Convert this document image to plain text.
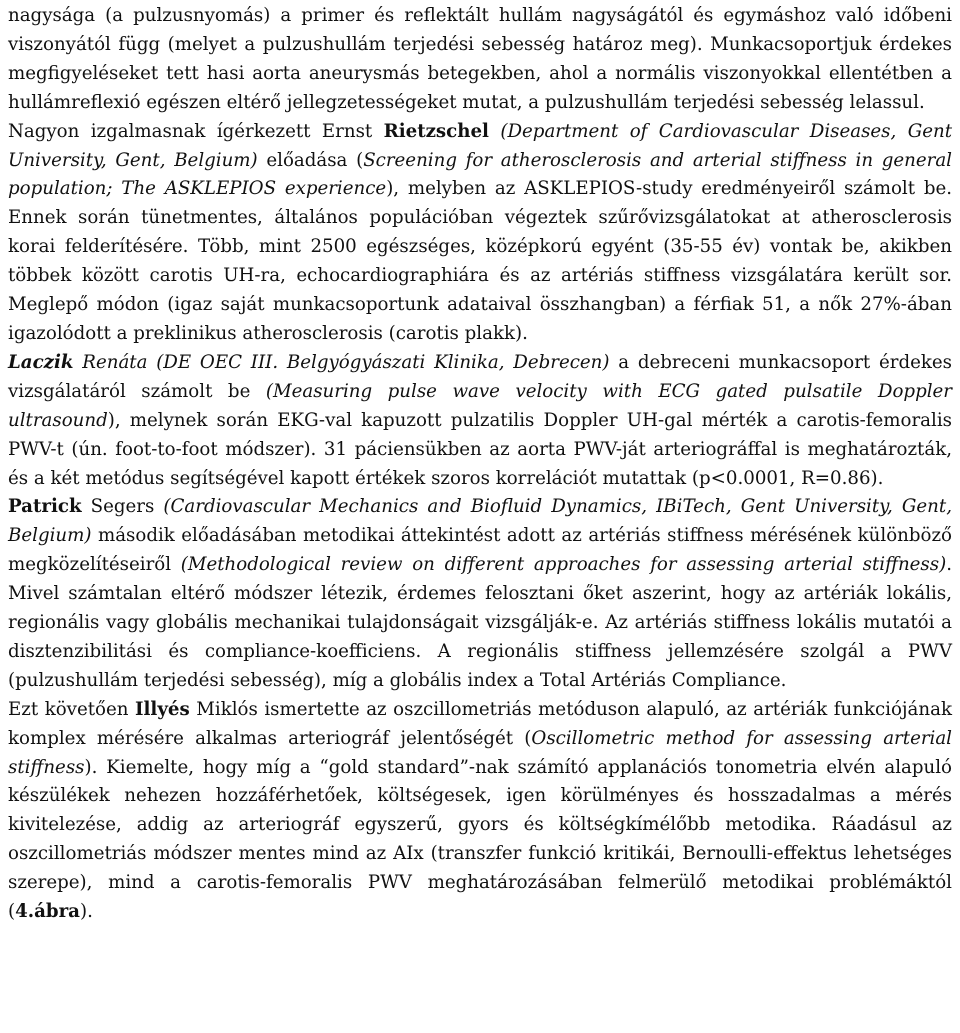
nagysága (a pulzusnyomás) a primer és reflektált hullám nagyságától és egymáshoz való időbeni viszonyától függ (melyet a pulzushullám terjedési sebesség határoz meg). Munkacsoportjuk érdekes megfigyeléseket tett hasi aorta aneurysmás betegekben, ahol a normális viszonyokkal ellentétben a hullámreflexió egészen eltérő jellegzetességeket mutat, a pulzushullám terjedési sebesség lelassul.

Nagyon izgalmasnak ígérkezett Ernst Rietzschel (Department of Cardiovascular Diseases, Gent University, Gent, Belgium) előadása (Screening for atherosclerosis and arterial stiffness in general population; The ASKLEPIOS experience), melyben az ASKLEPIOS-study eredményeiről számolt be. Ennek során tünetmentes, általános populációban végeztek szűrővizsgálatokat at atherosclerosis korai felderítésére. Több, mint 2500 egészséges, középkorú egyént (35-55 év) vontak be, akikben többek között carotis UH-ra, echocardiographiára és az artériás stiffness vizsgálatára került sor. Meglepő módon (igaz saját munkacsoportunk adataival összhangban) a férfiak 51, a nők 27%-ában igazolódott a preklinikus atherosclerosis (carotis plakk).

Laczik Renáta (DE OEC III. Belgyógyászati Klinika, Debrecen) a debreceni munkacsoport érdekes vizsgálatáról számolt be (Measuring pulse wave velocity with ECG gated pulsatile Doppler ultrasound), melynek során EKG-val kapuzott pulzatilis Doppler UH-gal mérték a carotis-femoralis PWV-t (ún. foot-to-foot módszer). 31 páciensükben az aorta PWV-ját arteriográffal is meghatározták, és a két metódus segítségével kapott értékek szoros korrelációt mutattak (p<0.0001, R=0.86).

Patrick Segers (Cardiovascular Mechanics and Biofluid Dynamics, IBiTech, Gent University, Gent, Belgium) második előadásában metodikai áttekintést adott az artériás stiffness mérésének különböző megközelítéseiről (Methodological review on different approaches for assessing arterial stiffness). Mivel számtalan eltérő módszer létezik, érdemes felosztani őket aszerint, hogy az artériák lokális, regionális vagy globális mechanikai tulajdonságait vizsgálják-e. Az artériás stiffness lokális mutatói a disztenzibilitási és compliance-koefficiens. A regionális stiffness jellemzésére szolgál a PWV (pulzushullám terjedési sebesség), míg a globális index a Total Artériás Compliance.

Ezt követően Illyés Miklós ismertette az oszcillometriás metóduson alapuló, az artériák funkciójának komplex mérésére alkalmas arteriográf jelentőségét (Oscillometric method for assessing arterial stiffness). Kiemelte, hogy míg a “gold standard”-nak számító applanációs tonometria elvén alapuló készülékek nehezen hozzáférhetőek, költségesek, igen körülményes és hosszadalmas a mérés kivitelezése, addig az arteriográf egyszerű, gyors és költségkímélőbb metodika. Ráadásul az oszcillometriás módszer mentes mind az AIx (transzfer funkció kritikái, Bernoulli-effektus lehetséges szerepe), mind a carotis-femoralis PWV meghatározásában felmerülő metodikai problémáktól (4.ábra).
